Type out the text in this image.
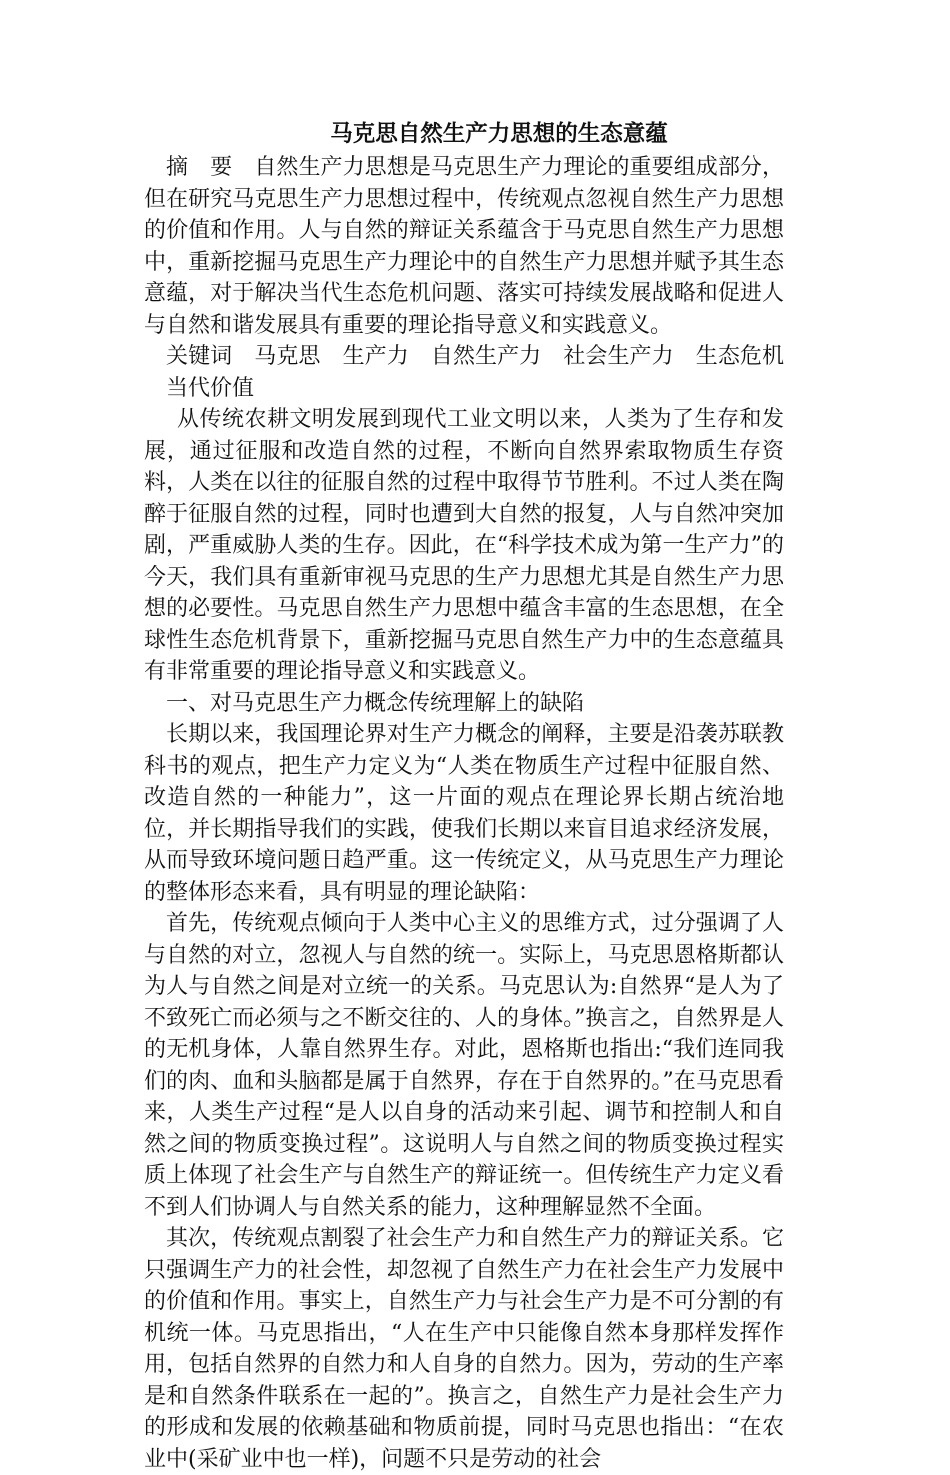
马克思自然生产力思想的生态意蕴

摘　要 自然生产力思想是马克思生产力理论的重要组成部分，但在研究马克思生产力思想过程中，传统观点忽视自然生产力思想的价值和作用。人与自然的辩证关系蕴含于马克思自然生产力思想中，重新挖掘马克思生产力理论中的自然生产力思想并赋予其生态意蕴，对于解决当代生态危机问题、落实可持续发展战略和促进人与自然和谐发展具有重要的理论指导意义和实践意义。

关键词 马克思 生产力 自然生产力 社会生产力 生态危机当代价值

从传统农耕文明发展到现代工业文明以来，人类为了生存和发展，通过征服和改造自然的过程，不断向自然界索取物质生存资料，人类在以往的征服自然的过程中取得节节胜利。不过人类在陶醉于征服自然的过程，同时也遭到大自然的报复，人与自然冲突加剧，严重威胁人类的生存。因此，在“科学技术成为第一生产力”的今天，我们具有重新审视马克思的生产力思想尤其是自然生产力思想的必要性。马克思自然生产力思想中蕴含丰富的生态思想，在全球性生态危机背景下，重新挖掘马克思自然生产力中的生态意蕴具有非常重要的理论指导意义和实践意义。

一、对马克思生产力概念传统理解上的缺陷

长期以来，我国理论界对生产力概念的阐释，主要是沿袭苏联教科书的观点，把生产力定义为“人类在物质生产过程中征服自然、改造自然的一种能力”，这一片面的观点在理论界长期占统治地位，并长期指导我们的实践，使我们长期以来盲目追求经济发展，从而导致环境问题日趋严重。这一传统定义，从马克思生产力理论的整体形态来看，具有明显的理论缺陷：

首先，传统观点倾向于人类中心主义的思维方式，过分强调了人与自然的对立，忽视人与自然的统一。实际上，马克思恩格斯都认为人与自然之间是对立统一的关系。马克思认为:自然界“是人为了不致死亡而必须与之不断交往的、人的身体。”换言之，自然界是人的无机身体，人靠自然界生存。对此，恩格斯也指出:“我们连同我们的肉、血和头脑都是属于自然界，存在于自然界的。”在马克思看来，人类生产过程“是人以自身的活动来引起、调节和控制人和自然之间的物质变换过程”。这说明人与自然之间的物质变换过程实质上体现了社会生产与自然生产的辩证统一。但传统生产力定义看不到人们协调人与自然关系的能力，这种理解显然不全面。

其次，传统观点割裂了社会生产力和自然生产力的辩证关系。它只强调生产力的社会性，却忽视了自然生产力在社会生产力发展中的价值和作用。事实上，自然生产力与社会生产力是不可分割的有机统一体。马克思指出，“人在生产中只能像自然本身那样发挥作用，包括自然界的自然力和人自身的自然力。因为，劳动的生产率是和自然条件联系在一起的”。换言之，自然生产力是社会生产力的形成和发展的依赖基础和物质前提，同时马克思也指出：“在农业中(采矿业中也一样)，问题不只是劳动的社会
